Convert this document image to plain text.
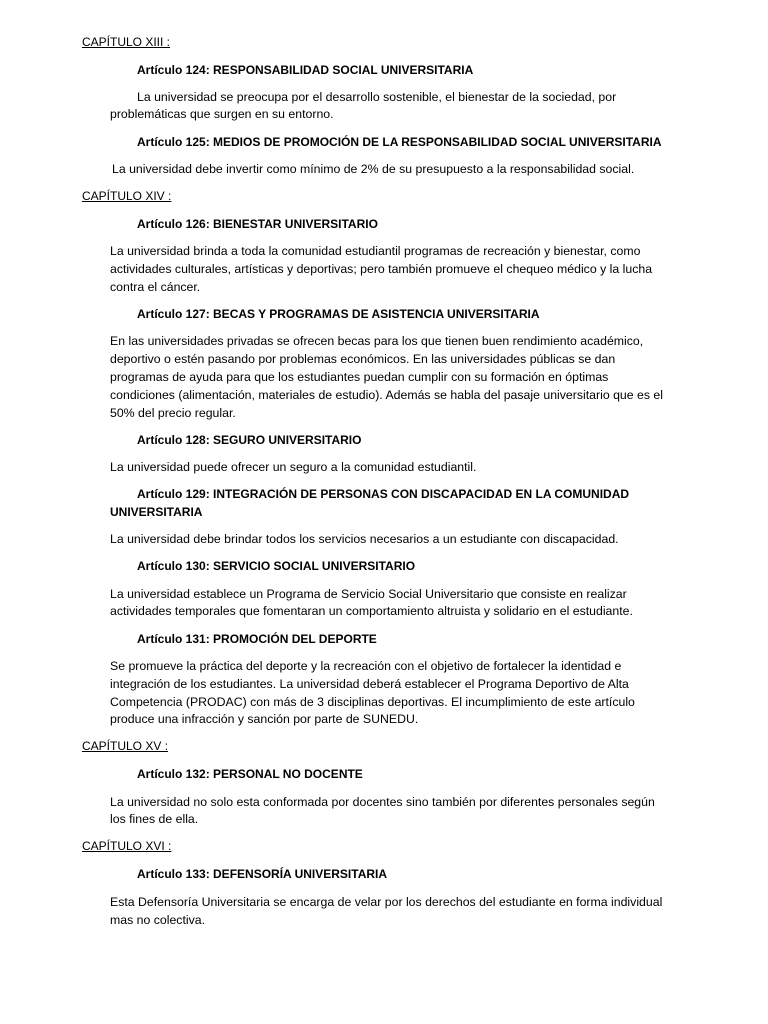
CAPÍTULO XIII :
Artículo 124: RESPONSABILIDAD SOCIAL UNIVERSITARIA
La universidad se preocupa por el desarrollo sostenible, el bienestar de la sociedad, por
problemáticas que surgen en su entorno.
Artículo 125: MEDIOS DE PROMOCIÓN DE LA RESPONSABILIDAD SOCIAL UNIVERSITARIA
La universidad debe invertir como mínimo de 2% de su presupuesto a la responsabilidad social.
CAPÍTULO XIV :
Artículo 126: BIENESTAR UNIVERSITARIO
La universidad brinda a toda la comunidad estudiantil programas de recreación y bienestar, como
actividades culturales, artísticas y deportivas; pero también promueve el chequeo médico y la lucha
contra el cáncer.
Artículo 127: BECAS Y PROGRAMAS DE ASISTENCIA UNIVERSITARIA
En las universidades privadas se ofrecen becas para los que tienen buen rendimiento académico,
deportivo o estén pasando por problemas económicos. En las universidades públicas se dan
programas de ayuda para que los estudiantes puedan cumplir con su formación en óptimas
condiciones (alimentación, materiales de estudio). Además se habla del pasaje universitario que es el
50% del precio regular.
Artículo 128: SEGURO UNIVERSITARIO
La universidad puede ofrecer un seguro a la comunidad estudiantil.
Artículo 129: INTEGRACIÓN DE PERSONAS CON DISCAPACIDAD EN LA COMUNIDAD
UNIVERSITARIA
La universidad debe brindar todos los servicios necesarios a un estudiante con discapacidad.
Artículo 130: SERVICIO SOCIAL UNIVERSITARIO
La universidad establece un Programa de Servicio Social Universitario que consiste en realizar
actividades temporales que fomentaran un comportamiento altruista y solidario en el estudiante.
Artículo 131: PROMOCIÓN DEL DEPORTE
Se promueve la práctica del deporte y la recreación con el objetivo de fortalecer la identidad e
integración de los estudiantes. La universidad deberá establecer el Programa Deportivo de Alta
Competencia (PRODAC) con más de 3 disciplinas deportivas. El incumplimiento de este artículo
produce una infracción y sanción por parte de SUNEDU.
CAPÍTULO XV :
Artículo 132: PERSONAL NO DOCENTE
La universidad no solo esta conformada por docentes sino también por diferentes personales según
los fines de ella.
CAPÍTULO XVI :
Artículo 133: DEFENSORÍA UNIVERSITARIA
Esta Defensoría Universitaria se encarga de velar por los derechos del estudiante en forma individual
mas no colectiva.
